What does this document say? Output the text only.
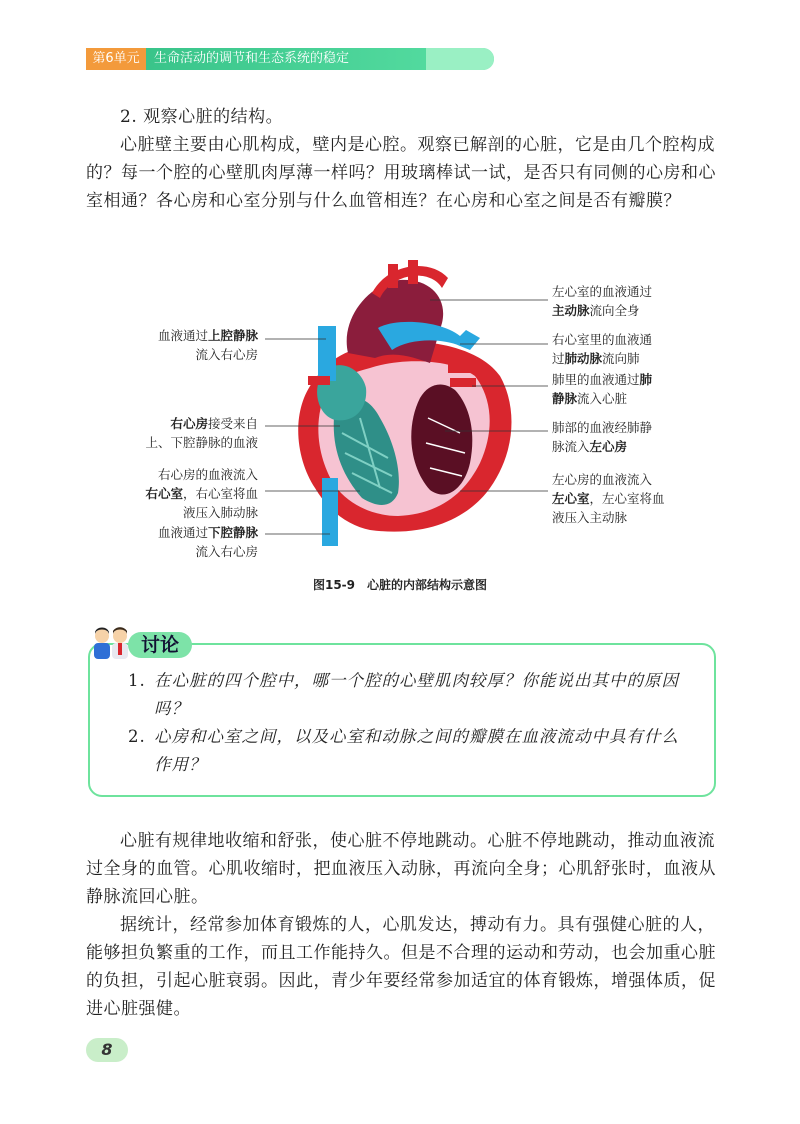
第6单元	生命活动的调节和生态系统的稳定

2. 观察心脏的结构。

心脏壁主要由心肌构成，壁内是心腔。观察已解剖的心脏，它是由几个腔构成的？每一个腔的心壁肌肉厚薄一样吗？用玻璃棒试一试，是否只有同侧的心房和心室相通？各心房和心室分别与什么血管相连？在心房和心室之间是否有瓣膜？

血液通过上腔静脉
流入右心房
右心房接受来自
上、下腔静脉的血液
右心房的血液流入
右心室，右心室将血
液压入肺动脉
血液通过下腔静脉
流入右心房
左心室的血液通过
主动脉流向全身
右心室里的血液通
过肺动脉流向肺
肺里的血液通过肺
静脉流入心脏
肺部的血液经肺静
脉流入左心房
左心房的血液流入
左心室，左心室将血
液压入主动脉
图15-9　心脏的内部结构示意图
讨论
1. 在心脏的四个腔中，哪一个腔的心壁肌肉较厚？你能说出其中的原因吗？
2. 心房和心室之间，以及心室和动脉之间的瓣膜在血液流动中具有什么作用？

心脏有规律地收缩和舒张，使心脏不停地跳动。心脏不停地跳动，推动血液流过全身的血管。心肌收缩时，把血液压入动脉，再流向全身；心肌舒张时，血液从静脉流回心脏。

据统计，经常参加体育锻炼的人，心肌发达，搏动有力。具有强健心脏的人，能够担负繁重的工作，而且工作能持久。但是不合理的运动和劳动，也会加重心脏的负担，引起心脏衰弱。因此，青少年要经常参加适宜的体育锻炼，增强体质，促进心脏强健。

8
